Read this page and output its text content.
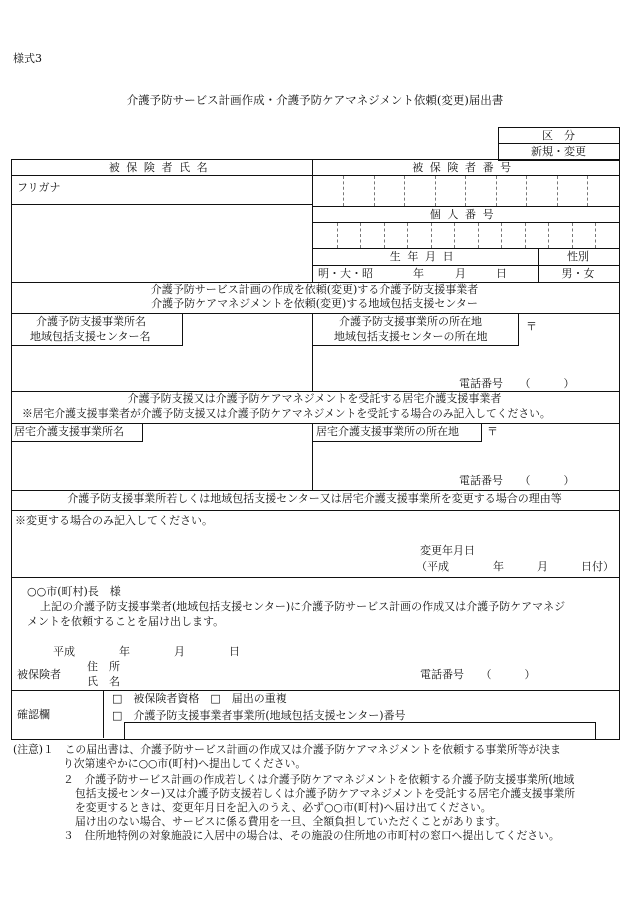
様式3
介護予防サービス計画作成・介護予防ケアマネジメント依頼(変更)届出書
区　分
新規・変更
被保険者氏名	被保険者番号
フリガナ
個人番号
生年月日	性別
明・大・昭	年	月	日	男・女
介護予防サービス計画の作成を依頼(変更)する介護予防支援事業者
介護予防ケアマネジメントを依頼(変更)する地域包括支援センター
介護予防支援事業所名
地域包括支援センター名
介護予防支援事業所の所在地
地域包括支援センターの所在地
〒
電話番号　　（　　　）
介護予防支援又は介護予防ケアマネジメントを受託する居宅介護支援事業者
※居宅介護支援事業者が介護予防支援又は介護予防ケアマネジメントを受託する場合のみ記入してください。
居宅介護支援事業所名	居宅介護支援事業所の所在地	〒
電話番号　　（　　　）
介護予防支援事業所若しくは地域包括支援センター又は居宅介護支援事業所を変更する場合の理由等
※変更する場合のみ記入してください。
変更年月日
（平成　　　　年　　　月　　　日付）
○○市(町村)長　様
上記の介護予防支援事業者(地域包括支援センター)に介護予防サービス計画の作成又は介護予防ケアマネジ
メントを依頼することを届け出します。
平成　　　　年　　　　月　　　　日
被保険者
住　所
氏　名
電話番号　　（　　　）
確認欄
□　被保険者資格　□　届出の重複
□　介護予防支援事業者事業所(地域包括支援センター)番号
(注意)１　この届出書は、介護予防サービス計画の作成又は介護予防ケアマネジメントを依頼する事業所等が決ま
り次第速やかに○○市(町村)へ提出してください。
２　介護予防サービス計画の作成若しくは介護予防ケアマネジメントを依頼する介護予防支援事業所(地域
包括支援センター)又は介護予防支援若しくは介護予防ケアマネジメントを受託する居宅介護支援事業所
を変更するときは、変更年月日を記入のうえ、必ず○○市(町村)へ届け出てください。
届け出のない場合、サービスに係る費用を一旦、全額負担していただくことがあります。
３　住所地特例の対象施設に入居中の場合は、その施設の住所地の市町村の窓口へ提出してください。
